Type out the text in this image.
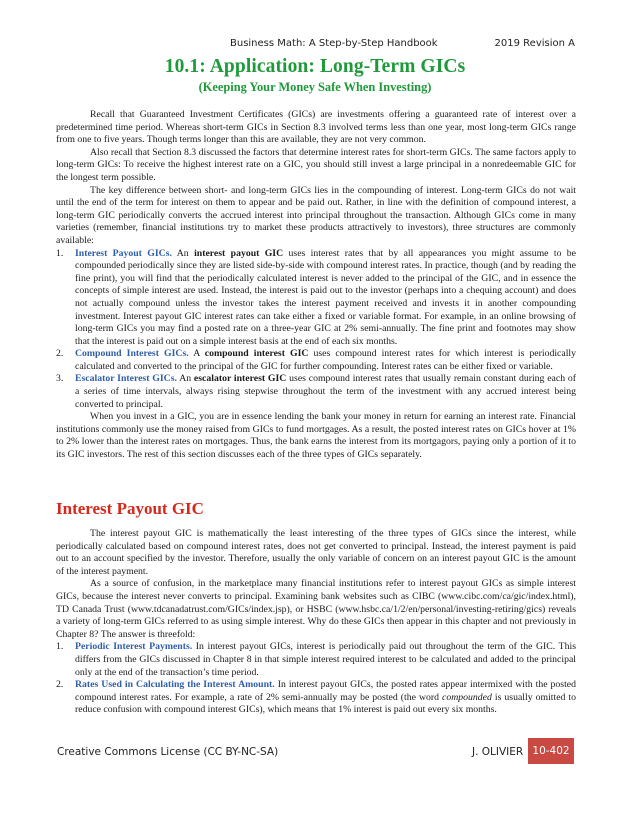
Business Math: A Step-by-Step Handbook	2019 Revision A
10.1: Application: Long-Term GICs
(Keeping Your Money Safe When Investing)

Recall that Guaranteed Investment Certificates (GICs) are investments offering a guaranteed rate of interest over a predetermined time period. Whereas short-term GICs in Section 8.3 involved terms less than one year, most long-term GICs range from one to five years. Though terms longer than this are available, they are not very common.

Also recall that Section 8.3 discussed the factors that determine interest rates for short-term GICs. The same factors apply to long-term GICs: To receive the highest interest rate on a GIC, you should still invest a large principal in a nonredeemable GIC for the longest term possible.

The key difference between short- and long-term GICs lies in the compounding of interest. Long-term GICs do not wait until the end of the term for interest on them to appear and be paid out. Rather, in line with the definition of compound interest, a long-term GIC periodically converts the accrued interest into principal throughout the transaction. Although GICs come in many varieties (remember, financial institutions try to market these products attractively to investors), three structures are commonly available:

1. Interest Payout GICs. An interest payout GIC uses interest rates that by all appearances you might assume to be compounded periodically since they are listed side-by-side with compound interest rates. In practice, though (and by reading the fine print), you will find that the periodically calculated interest is never added to the principal of the GIC, and in essence the concepts of simple interest are used. Instead, the interest is paid out to the investor (perhaps into a chequing account) and does not actually compound unless the investor takes the interest payment received and invests it in another compounding investment. Interest payout GIC interest rates can take either a fixed or variable format. For example, in an online browsing of long-term GICs you may find a posted rate on a three-year GIC at 2% semi-annually. The fine print and footnotes may show that the interest is paid out on a simple interest basis at the end of each six months.

2. Compound Interest GICs. A compound interest GIC uses compound interest rates for which interest is periodically calculated and converted to the principal of the GIC for further compounding. Interest rates can be either fixed or variable.

3. Escalator Interest GICs. An escalator interest GIC uses compound interest rates that usually remain constant during each of a series of time intervals, always rising stepwise throughout the term of the investment with any accrued interest being converted to principal.

When you invest in a GIC, you are in essence lending the bank your money in return for earning an interest rate. Financial institutions commonly use the money raised from GICs to fund mortgages. As a result, the posted interest rates on GICs hover at 1% to 2% lower than the interest rates on mortgages. Thus, the bank earns the interest from its mortgagors, paying only a portion of it to its GIC investors. The rest of this section discusses each of the three types of GICs separately.

Interest Payout GIC

The interest payout GIC is mathematically the least interesting of the three types of GICs since the interest, while periodically calculated based on compound interest rates, does not get converted to principal. Instead, the interest payment is paid out to an account specified by the investor. Therefore, usually the only variable of concern on an interest payout GIC is the amount of the interest payment.

As a source of confusion, in the marketplace many financial institutions refer to interest payout GICs as simple interest GICs, because the interest never converts to principal. Examining bank websites such as CIBC (www.cibc.com/ca/gic/index.html), TD Canada Trust (www.tdcanadatrust.com/GICs/index.jsp), or HSBC (www.hsbc.ca/1/2/en/personal/investing-retiring/gics) reveals a variety of long-term GICs referred to as using simple interest. Why do these GICs then appear in this chapter and not previously in Chapter 8? The answer is threefold:

1. Periodic Interest Payments. In interest payout GICs, interest is periodically paid out throughout the term of the GIC. This differs from the GICs discussed in Chapter 8 in that simple interest required interest to be calculated and added to the principal only at the end of the transaction’s time period.

2. Rates Used in Calculating the Interest Amount. In interest payout GICs, the posted rates appear intermixed with the posted compound interest rates. For example, a rate of 2% semi-annually may be posted (the word compounded is usually omitted to reduce confusion with compound interest GICs), which means that 1% interest is paid out every six months.

Creative Commons License (CC BY-NC-SA)	J. OLIVIER 10-402
